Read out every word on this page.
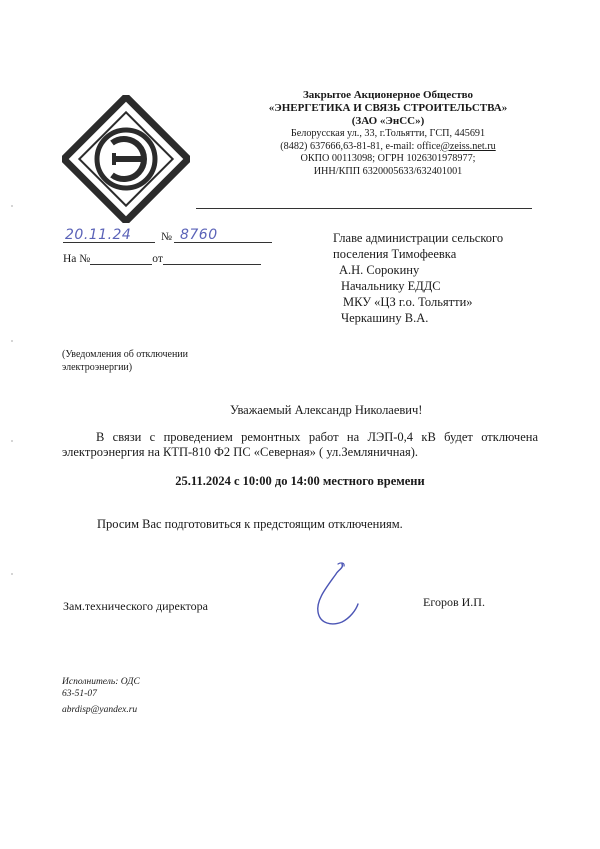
Закрытое Акционерное Общество
«ЭНЕРГЕТИКА И СВЯЗЬ СТРОИТЕЛЬСТВА»
(ЗАО «ЭнСС»)
Белорусская ул., 33, г.Тольятти, ГСП, 445691
(8482) 637666,63-81-81, e-mail: office@zeiss.net.ru
ОКПО 00113098; ОГРН 1026301978977;
ИНН/КПП 6320005633/632401001
20.11.24	№ 8760
На №	от
Главе администрации сельского
поселения Тимофеевка
А.Н. Сорокину
Начальнику ЕДДС
МКУ «ЦЗ г.о. Тольятти»
Черкашину В.А.
(Уведомления об отключении
электроэнергии)
Уважаемый Александр Николаевич!
В связи с проведением ремонтных работ на ЛЭП-0,4 кВ будет отключена
электроэнергия на КТП-810 Ф2 ПС «Северная» ( ул.Земляничная).
25.11.2024 с 10:00 до 14:00 местного времени
Просим Вас подготовиться к предстоящим отключениям.
Зам.технического директора	Егоров И.П.
Исполнитель: ОДС
63-51-07
abrdisp@yandex.ru
